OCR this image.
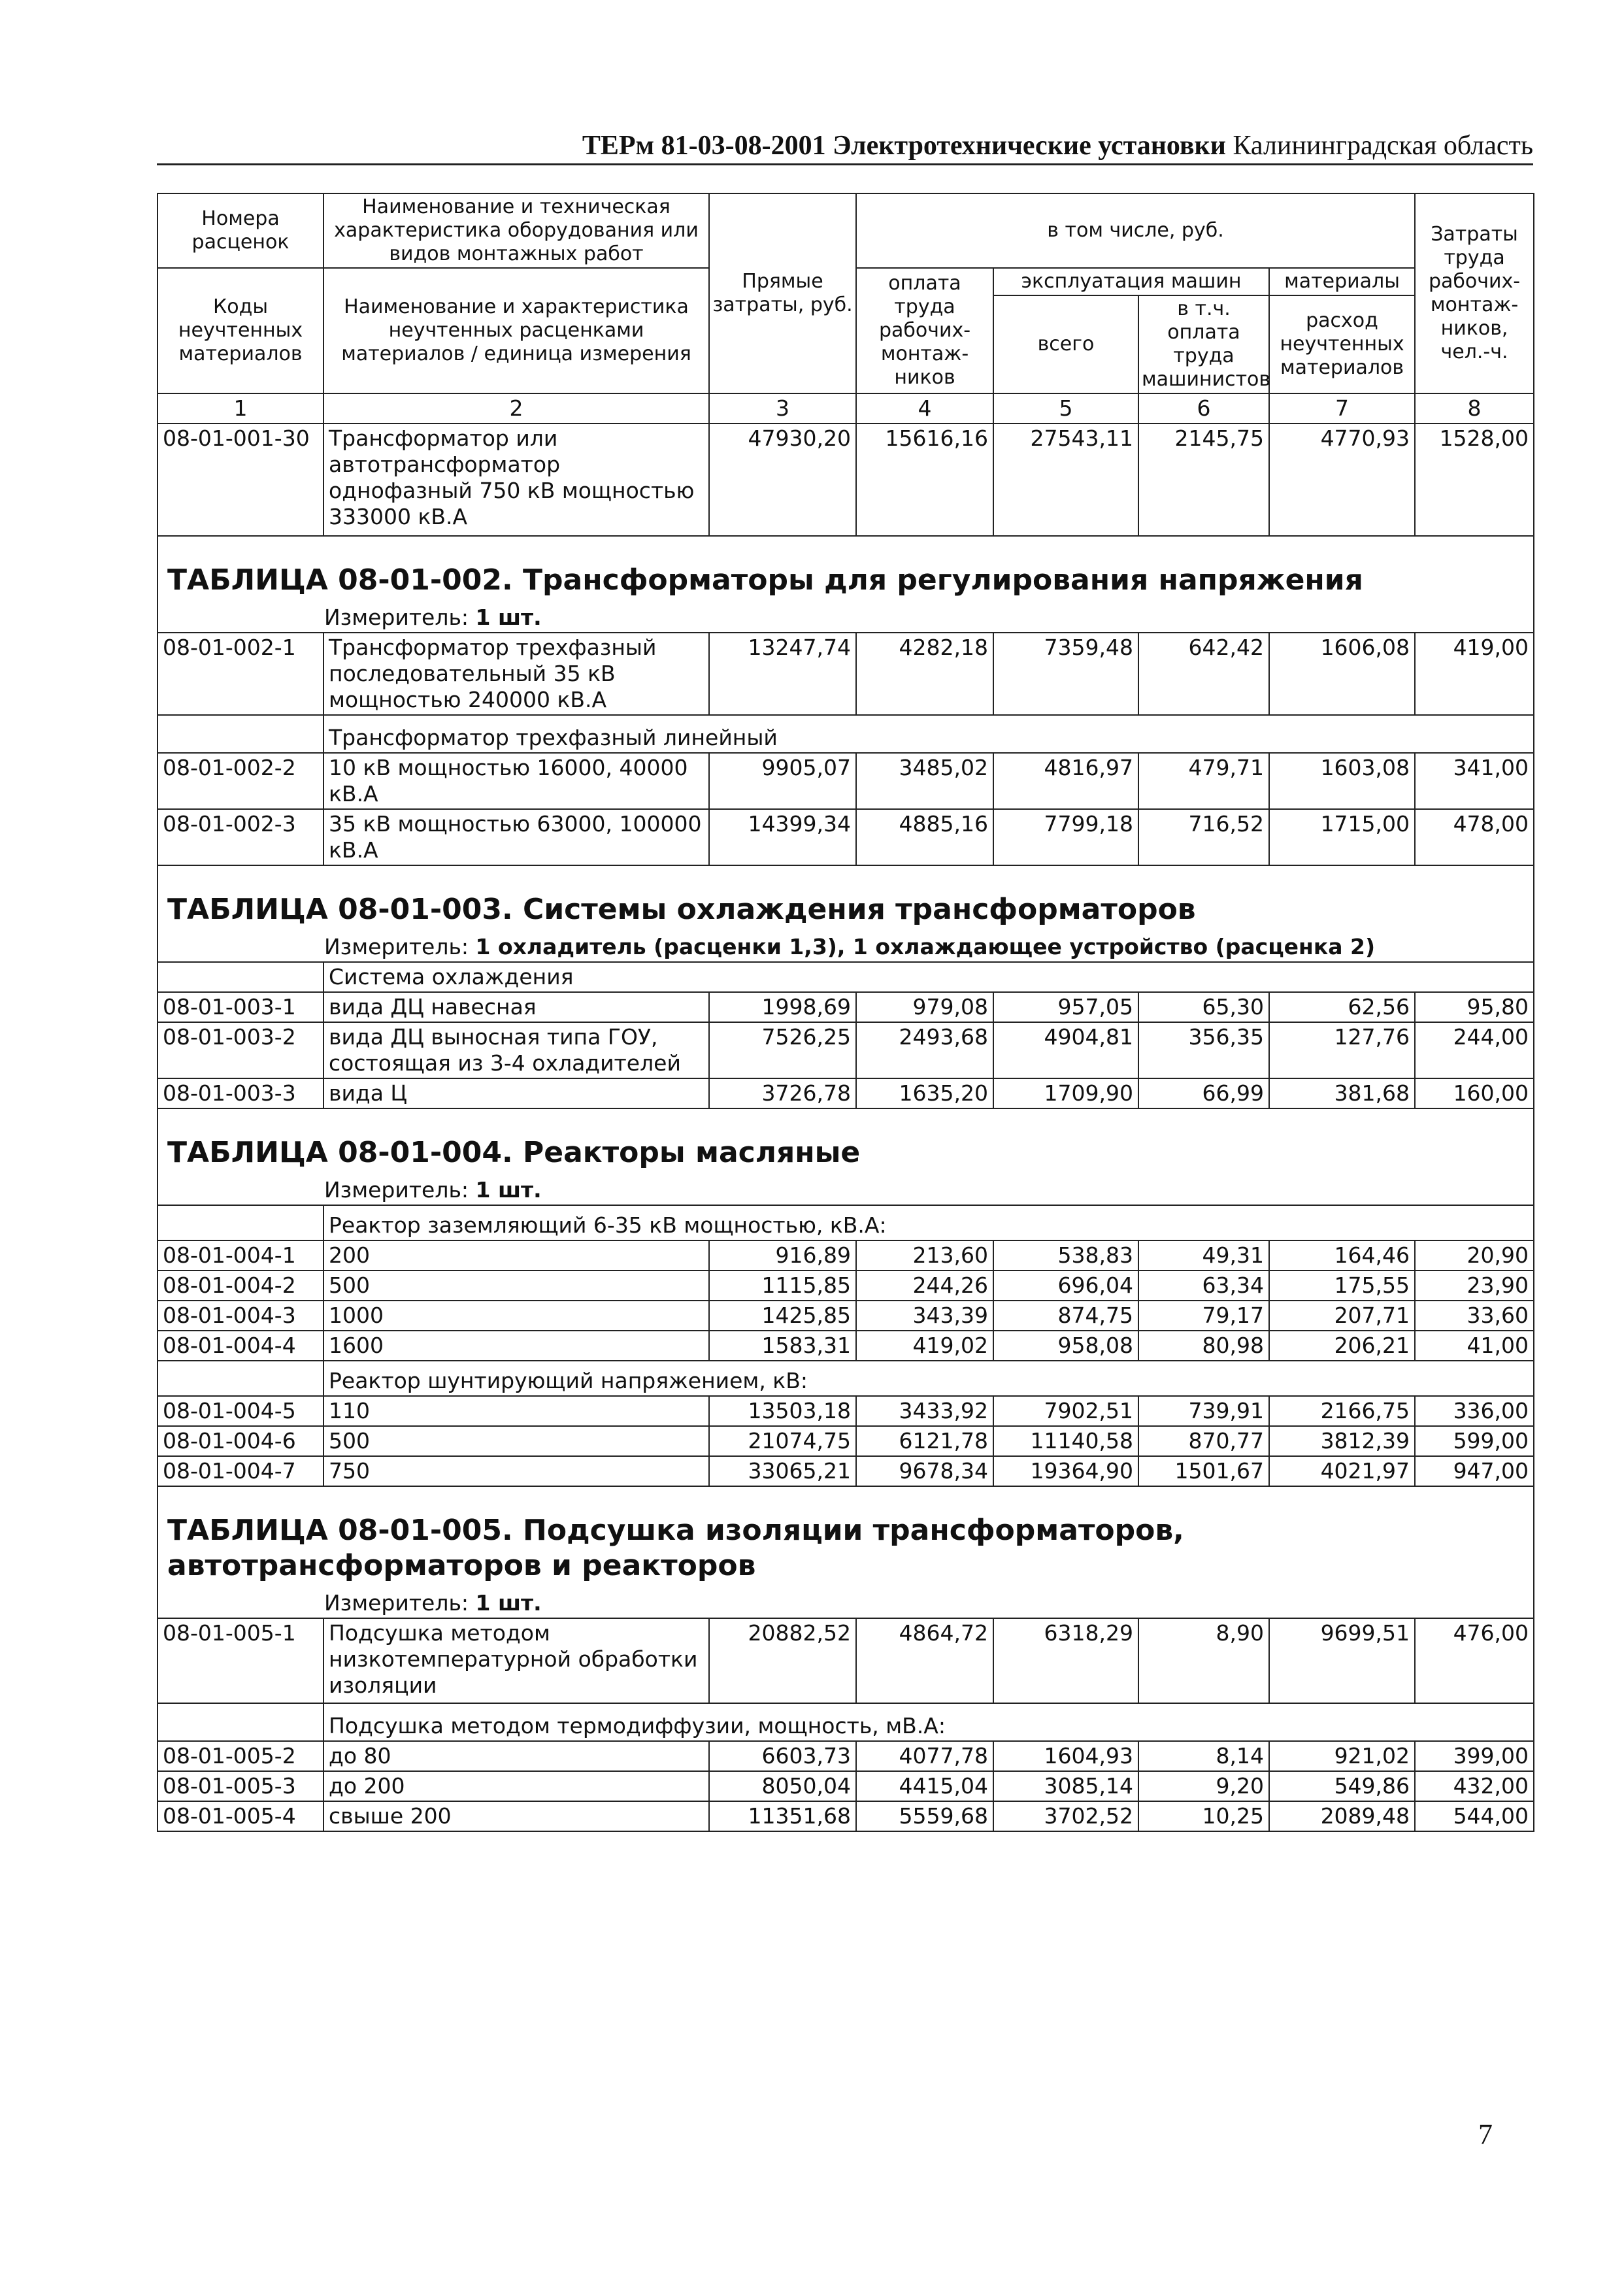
ТЕРм 81-03-08-2001 Электротехнические установки Калининградская область
Номера расценок	Наименование и техническая характеристика оборудования или видов монтажных работ	Прямые затраты, руб.	в том числе, руб.				Затраты труда рабочих-монтаж-ников, чел.-ч.
Коды неучтенных материалов	Наименование и характеристика неучтенных расценками материалов / единица измерения		оплата труда рабочих-монтаж-ников	эксплуатация машин		материалы	
				всего	в т.ч. оплата труда машинистов	расход неучтенных материалов	
1	2	3	4	5	6	7	8
08-01-001-30	Трансформатор или автотрансформатор однофазный 750 кВ мощностью 333000 кВ.А	47930,20	15616,16	27543,11	2145,75	4770,93	1528,00
ТАБЛИЦА 08-01-002. Трансформаторы для регулирования напряжения							
Измеритель: 1 шт.							
08-01-002-1	Трансформатор трехфазный последовательный 35 кВ мощностью 240000 кВ.А	13247,74	4282,18	7359,48	642,42	1606,08	419,00
	Трансформатор трехфазный линейный						
08-01-002-2	10 кВ мощностью 16000, 40000 кВ.А	9905,07	3485,02	4816,97	479,71	1603,08	341,00
08-01-002-3	35 кВ мощностью 63000, 100000 кВ.А	14399,34	4885,16	7799,18	716,52	1715,00	478,00
ТАБЛИЦА 08-01-003. Системы охлаждения трансформаторов							
Измеритель: 1 охладитель (расценки 1,3), 1 охлаждающее устройство (расценка 2)							
	Система охлаждения						
08-01-003-1	вида ДЦ навесная	1998,69	979,08	957,05	65,30	62,56	95,80
08-01-003-2	вида ДЦ выносная типа ГОУ, состоящая из 3-4 охладителей	7526,25	2493,68	4904,81	356,35	127,76	244,00
08-01-003-3	вида Ц	3726,78	1635,20	1709,90	66,99	381,68	160,00
ТАБЛИЦА 08-01-004. Реакторы масляные							
Измеритель: 1 шт.							
	Реактор заземляющий 6-35 кВ мощностью, кВ.А:						
08-01-004-1	200	916,89	213,60	538,83	49,31	164,46	20,90
08-01-004-2	500	1115,85	244,26	696,04	63,34	175,55	23,90
08-01-004-3	1000	1425,85	343,39	874,75	79,17	207,71	33,60
08-01-004-4	1600	1583,31	419,02	958,08	80,98	206,21	41,00
	Реактор шунтирующий напряжением, кВ:						
08-01-004-5	110	13503,18	3433,92	7902,51	739,91	2166,75	336,00
08-01-004-6	500	21074,75	6121,78	11140,58	870,77	3812,39	599,00
08-01-004-7	750	33065,21	9678,34	19364,90	1501,67	4021,97	947,00
ТАБЛИЦА 08-01-005. Подсушка изоляции трансформаторов, автотрансформаторов и реакторов							
Измеритель: 1 шт.							
08-01-005-1	Подсушка методом низкотемпературной обработки изоляции	20882,52	4864,72	6318,29	8,90	9699,51	476,00
	Подсушка методом термодиффузии, мощность, мВ.А:						
08-01-005-2	до 80	6603,73	4077,78	1604,93	8,14	921,02	399,00
08-01-005-3	до 200	8050,04	4415,04	3085,14	9,20	549,86	432,00
08-01-005-4	свыше 200	11351,68	5559,68	3702,52	10,25	2089,48	544,00
7
